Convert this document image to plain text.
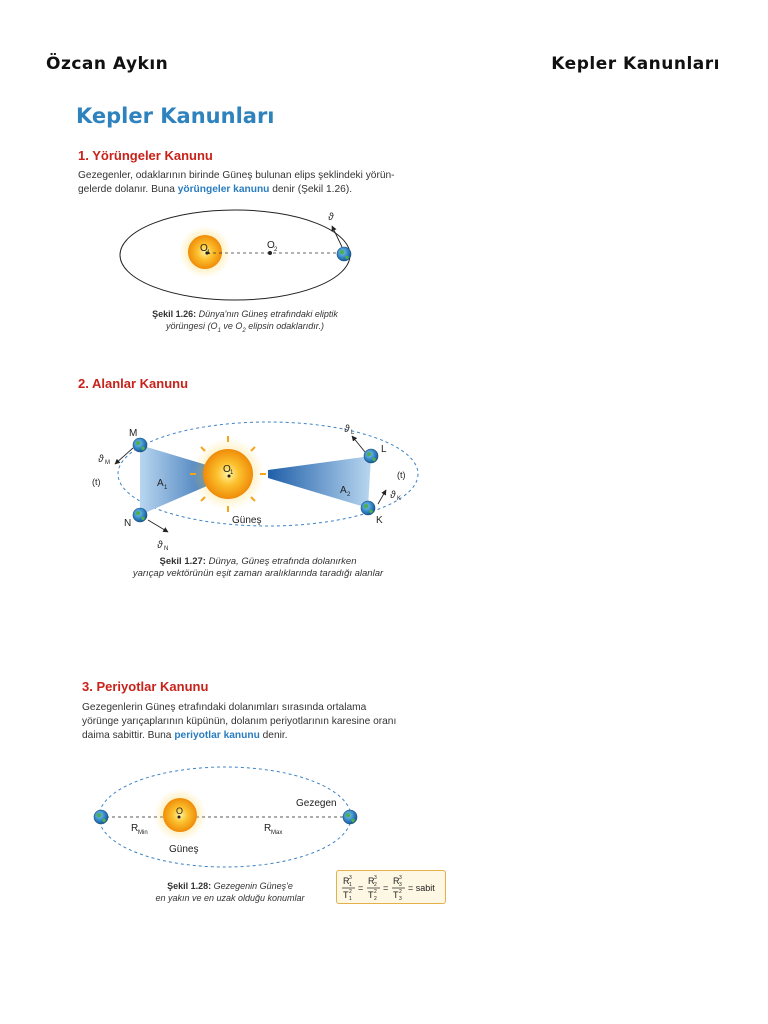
Özcan Aykın	Kepler Kanunları
Kepler Kanunları
1. Yörüngeler Kanunu
Gezegenler, odaklarının birinde Güneş bulunan elips şeklindeki yörün-
gelerde dolanır. Buna yörüngeler kanunu denir (Şekil 1.26).
O 1
O 2
ϑ
Şekil 1.26: Dünya'nın Güneş etrafındaki eliptik
yörüngesi ($O_1$ ve $O_2$ elipsin odaklarıdır.)
2. Alanlar Kanunu
O 1
Güneş
A 1	A 2
(t)
(t)
M
N
L
K
ϑ M
ϑ N
ϑ L
ϑ K
Şekil 1.27: Dünya, Güneş etrafında dolanırken
yarıçap vektörünün eşit zaman aralıklarında taradığı alanlar
3. Periyotlar Kanunu
Gezegenlerin Güneş etrafındaki dolanımları sırasında ortalama
yörünge yarıçaplarının küpünün, dolanım periyotlarının karesine oranı
daima sabittir. Buna periyotlar kanunu denir.
O
Güneş
Gezegen
R Min	R Max
Şekil 1.28: Gezegenin Güneş'e
en yakın ve en uzak olduğu konumlar
R 3
1
T 2
1
=
R 3
2
T 2
2
=
R 3
3
T 2
3
= sabit
